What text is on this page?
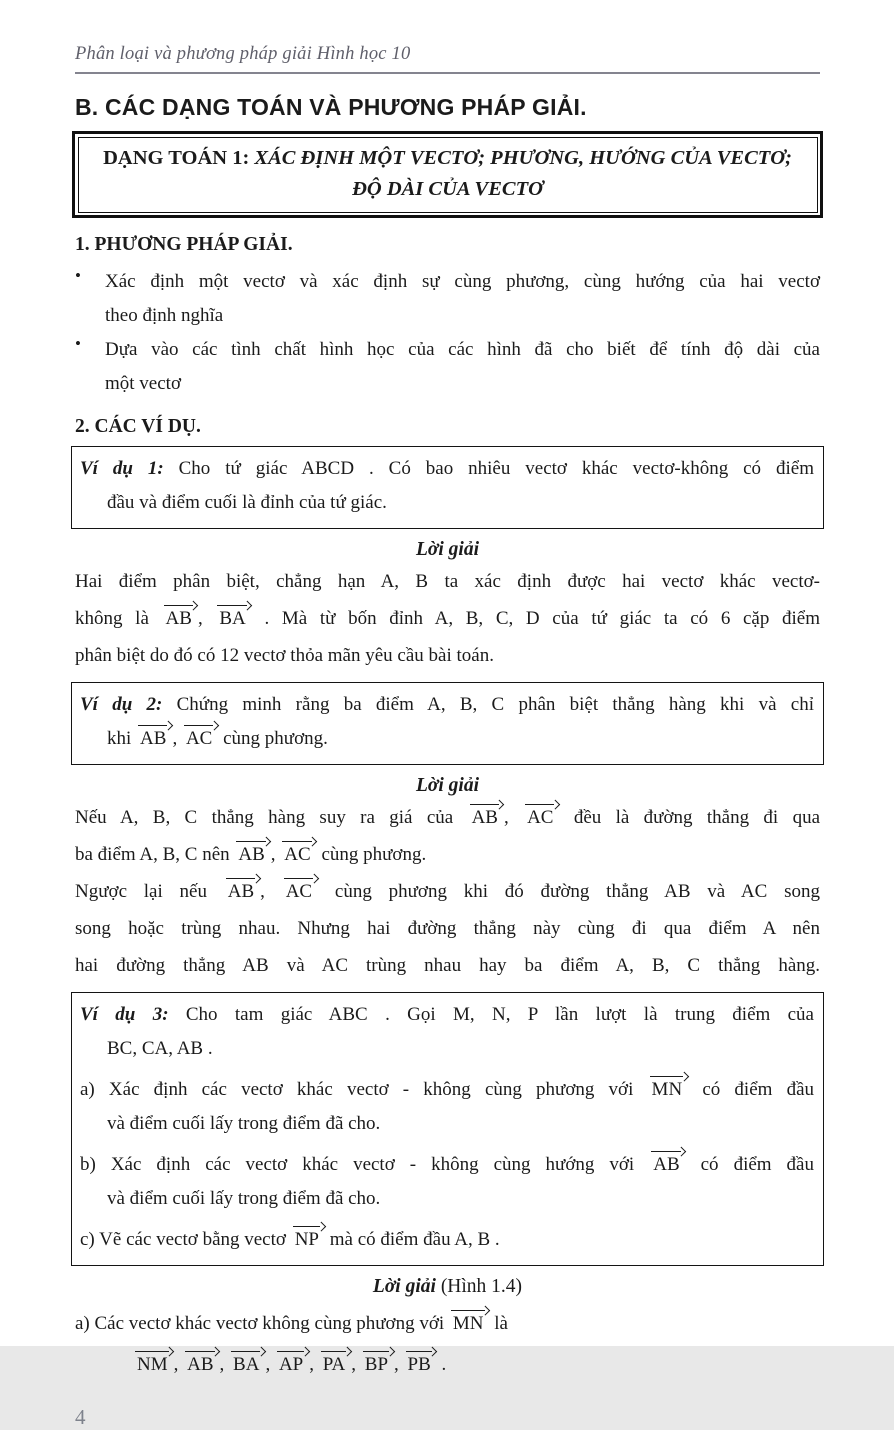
Phân loại và phương pháp giải Hình học 10
B. CÁC DẠNG TOÁN VÀ PHƯƠNG PHÁP GIẢI.
DẠNG TOÁN 1: XÁC ĐỊNH MỘT VECTƠ; PHƯƠNG, HƯỚNG CỦA VECTƠ;
ĐỘ DÀI CỦA VECTƠ
1. PHƯƠNG PHÁP GIẢI.
•	Xác định một vectơ và xác định sự cùng phương, cùng hướng của hai vectơ
theo định nghĩa
•	Dựa vào các tình chất hình học của các hình đã cho biết để tính độ dài của
một vectơ
2. CÁC VÍ DỤ.
Ví dụ 1: Cho tứ giác ABCD . Có bao nhiêu vectơ khác vectơ-không có điểm
đầu và điểm cuối là đỉnh của tứ giác.
Lời giải
Hai điểm phân biệt, chẳng hạn A, B ta xác định được hai vectơ khác vectơ-
không là AB , BA . Mà từ bốn đỉnh A, B, C, D của tứ giác ta có 6 cặp điểm
phân biệt do đó có 12 vectơ thỏa mãn yêu cầu bài toán.
Ví dụ 2: Chứng minh rằng ba điểm A, B, C phân biệt thẳng hàng khi và chỉ
khi AB , AC cùng phương.
Lời giải
Nếu A, B, C thẳng hàng suy ra giá của AB , AC đều là đường thẳng đi qua
ba điểm A, B, C nên AB , AC cùng phương.
Ngược lại nếu AB , AC cùng phương khi đó đường thẳng AB và AC song
song hoặc trùng nhau. Nhưng hai đường thẳng này cùng đi qua điểm A nên
hai đường thẳng AB và AC trùng nhau hay ba điểm A, B, C thẳng hàng.
Ví dụ 3: Cho tam giác ABC . Gọi M, N, P lần lượt là trung điểm của
BC, CA, AB .
a) Xác định các vectơ khác vectơ - không cùng phương với MN có điểm đầu
và điểm cuối lấy trong điểm đã cho.
b) Xác định các vectơ khác vectơ - không cùng hướng với AB có điểm đầu
và điểm cuối lấy trong điểm đã cho.
c) Vẽ các vectơ bằng vectơ NP mà có điểm đầu A, B .
Lời giải (Hình 1.4)
a) Các vectơ khác vectơ không cùng phương với MN là
NM , AB , BA , AP , PA , BP , PB .
4
